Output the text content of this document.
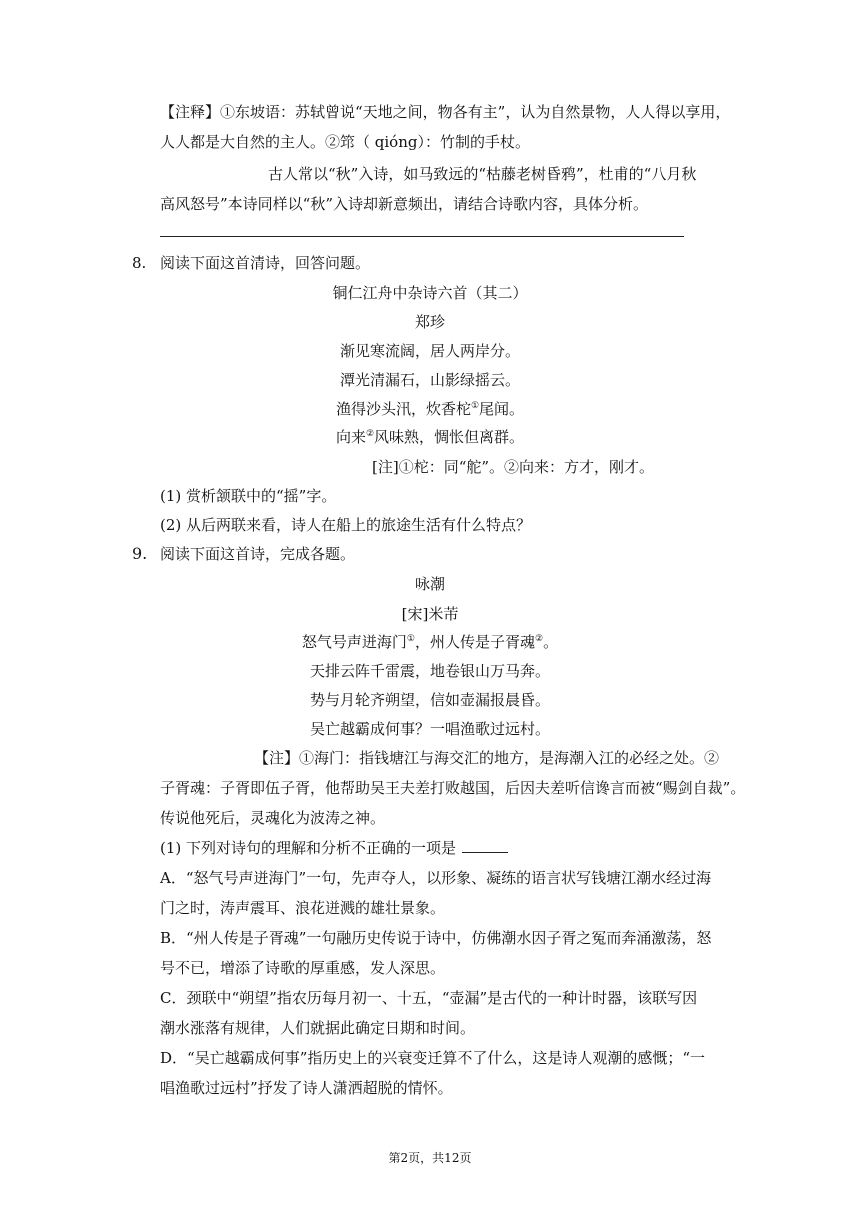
【注释】①东坡语：苏轼曾说“天地之间，物各有主”，认为自然景物，人人得以享用，
人人都是大自然的主人。②筇（ qióng）：竹制的手杖。
古人常以“秋”入诗，如马致远的“枯藤老树昏鸦”，杜甫的“八月秋
高风怒号”本诗同样以“秋”入诗却新意频出，请结合诗歌内容，具体分析。
8. 阅读下面这首清诗，回答问题。
铜仁江舟中杂诗六首（其二）
郑珍
渐见寒流阔，居人两岸分。
潭光清漏石，山影绿摇云。
渔得沙头汛，炊香柁①尾闻。
向来②风味熟，惆怅但离群。
[注]①柁：同“舵”。②向来：方才，刚才。
(1) 赏析颔联中的“摇”字。
(2) 从后两联来看，诗人在船上的旅途生活有什么特点？
9. 阅读下面这首诗，完成各题。
咏潮
[宋]米芾
怒气号声迸海门①，州人传是子胥魂②。
天排云阵千雷震，地卷银山万马奔。
势与月轮齐朔望，信如壶漏报晨昏。
吴亡越霸成何事？一唱渔歌过远村。
【注】①海门：指钱塘江与海交汇的地方，是海潮入江的必经之处。②
子胥魂：子胥即伍子胥，他帮助吴王夫差打败越国，后因夫差听信谗言而被“赐剑自裁”。
传说他死后，灵魂化为波涛之神。
(1) 下列对诗句的理解和分析不正确的一项是
A．“怒气号声迸海门”一句，先声夺人，以形象、凝练的语言状写钱塘江潮水经过海
门之时，涛声震耳、浪花迸溅的雄壮景象。
B．“州人传是子胥魂”一句融历史传说于诗中，仿佛潮水因子胥之冤而奔涌激荡，怒
号不已，增添了诗歌的厚重感，发人深思。
C．颈联中“朔望”指农历每月初一、十五，“壶漏”是古代的一种计时器，该联写因
潮水涨落有规律，人们就据此确定日期和时间。
D．“吴亡越霸成何事”指历史上的兴衰变迁算不了什么，这是诗人观潮的感慨；“一
唱渔歌过远村”抒发了诗人潇洒超脱的情怀。
第2页，共12页
